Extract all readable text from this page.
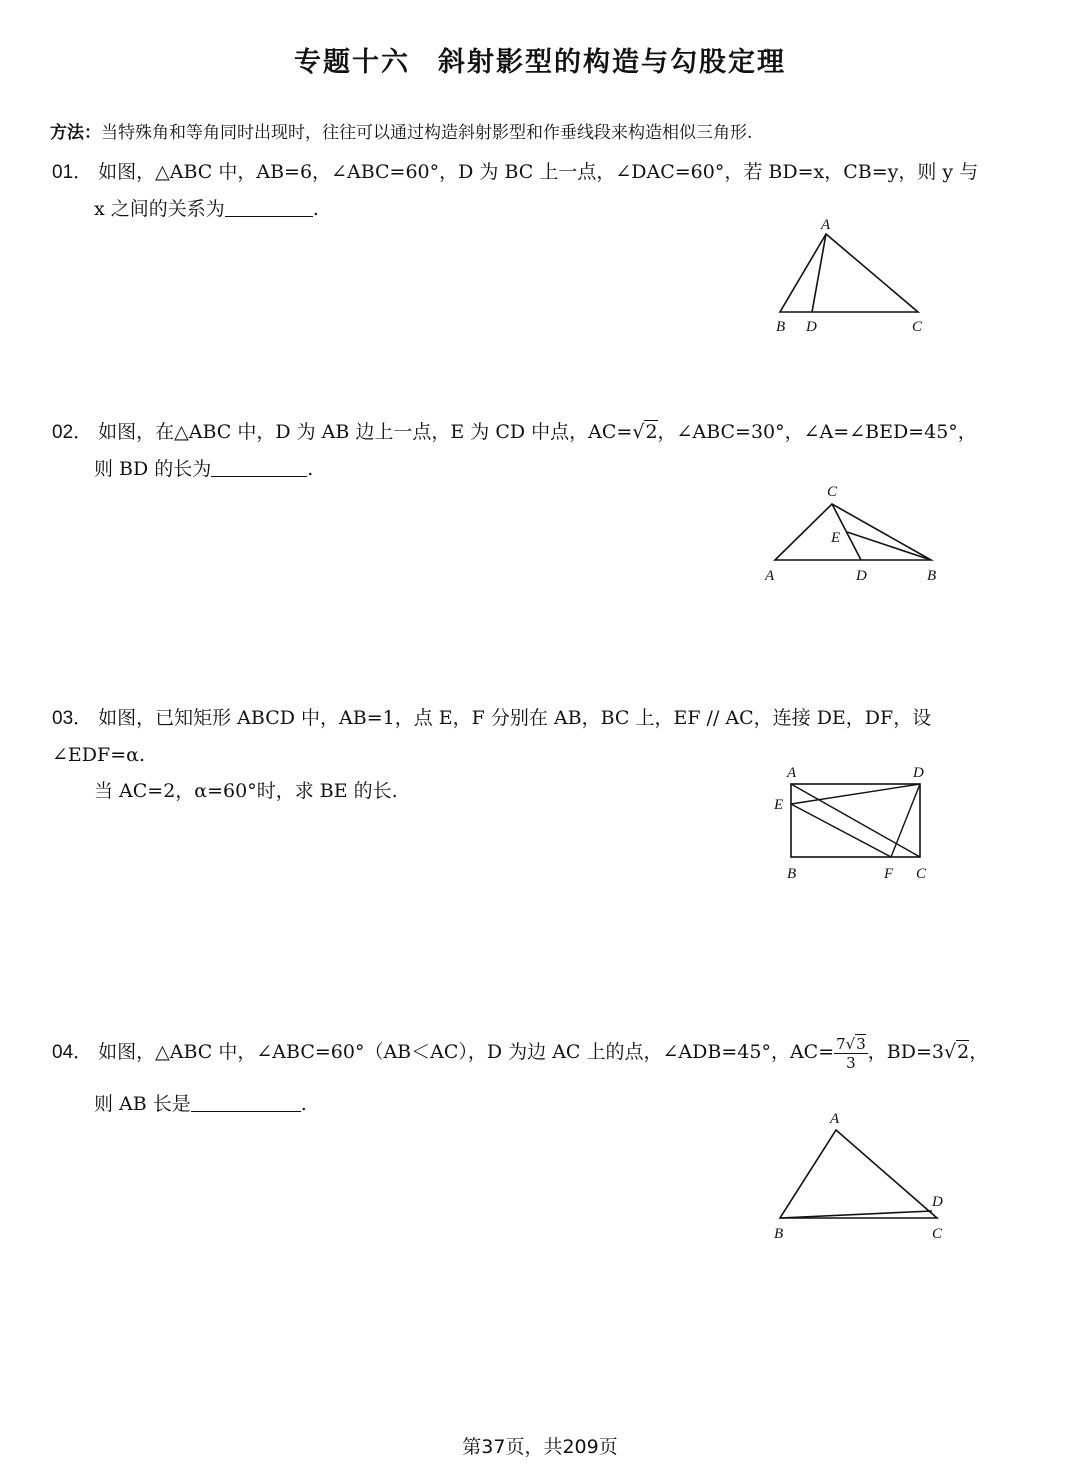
专题十六 斜射影型的构造与勾股定理
方法：当特殊角和等角同时出现时，往往可以通过构造斜射影型和作垂线段来构造相似三角形.
01． 如图，△ABC 中，AB=6，∠ABC=60°，D 为 BC 上一点，∠DAC=60°，若 BD=x，CB=y，则 y 与
x 之间的关系为	.
A
B D	C
02． 如图，在△ABC 中，D 为 AB 边上一点，E 为 CD 中点，AC=√2，∠ABC=30°，∠A=∠BED=45°，
则 BD 的长为	.
C
E
A	D	B
03． 如图，已知矩形 ABCD 中，AB=1，点 E，F 分别在 AB，BC 上，EF // AC，连接 DE，DF，设∠EDF=α.
当 AC=2，α=60°时，求 BE 的长.
A	D
E
B	F C
04． 如图，△ABC 中，∠ABC=60°（AB＜AC），D 为边 AC 上的点，∠ADB=45°，$AC= \frac{7√3}{3}$ ，BD=3√2，
则 AB 长是	.
A
D
B	C
第37页，共209页
